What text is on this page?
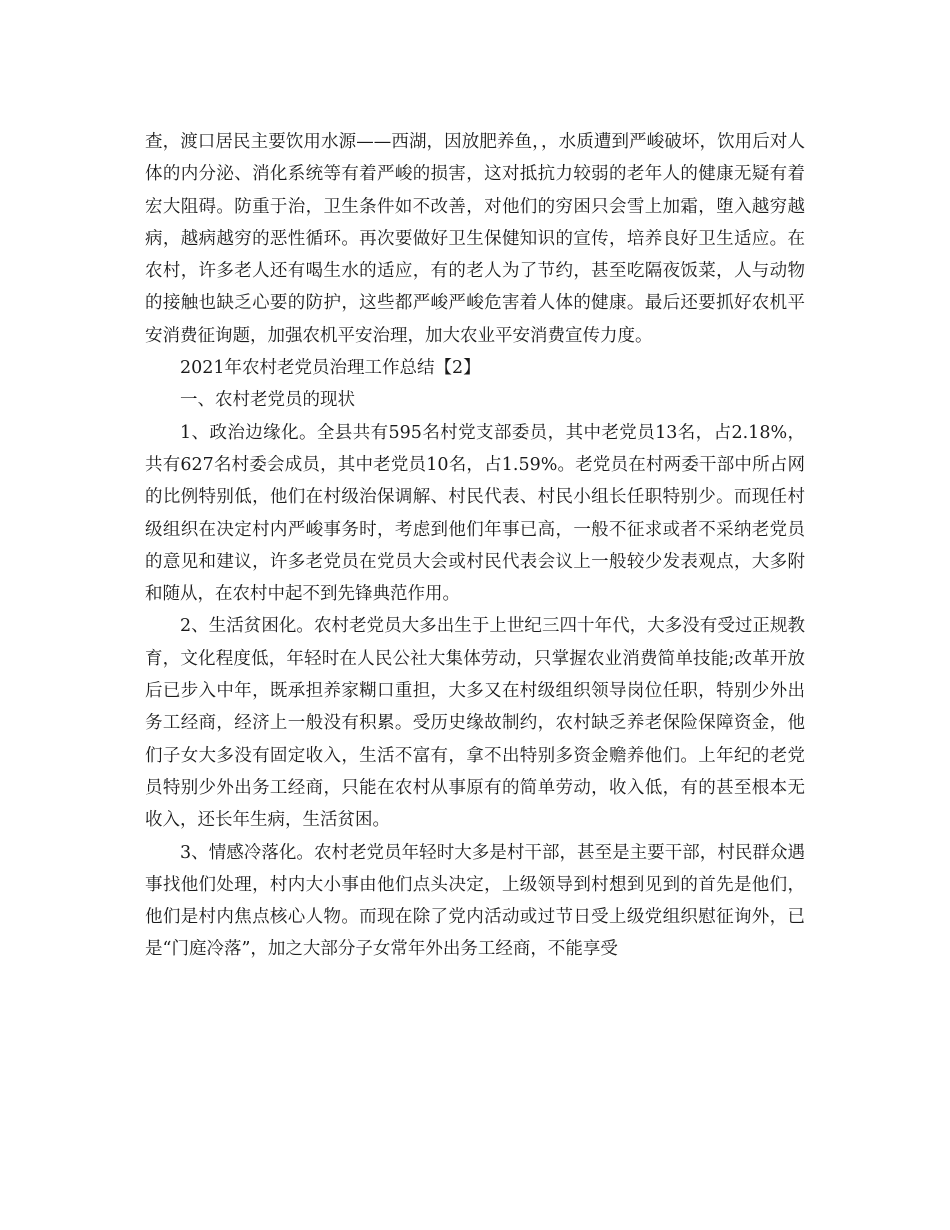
查，渡口居民主要饮用水源——西湖，因放肥养鱼，，水质遭到严峻破坏，饮用后对人体的内分泌、消化系统等有着严峻的损害，这对抵抗力较弱的老年人的健康无疑有着宏大阻碍。防重于治，卫生条件如不改善，对他们的穷困只会雪上加霜，堕入越穷越病，越病越穷的恶性循环。再次要做好卫生保健知识的宣传，培养良好卫生适应。在农村，许多老人还有喝生水的适应，有的老人为了节约，甚至吃隔夜饭菜，人与动物的接触也缺乏心要的防护，这些都严峻严峻危害着人体的健康。最后还要抓好农机平安消费征询题，加强农机平安治理，加大农业平安消费宣传力度。

2021年农村老党员治理工作总结【2】

一、农村老党员的现状

1、政治边缘化。全县共有595名村党支部委员，其中老党员13名，占2.18%，共有627名村委会成员，其中老党员10名，占1.59%。老党员在村两委干部中所占网的比例特别低，他们在村级治保调解、村民代表、村民小组长任职特别少。而现任村级组织在决定村内严峻事务时，考虑到他们年事已高，一般不征求或者不采纳老党员的意见和建议，许多老党员在党员大会或村民代表会议上一般较少发表观点，大多附和随从，在农村中起不到先锋典范作用。

2、生活贫困化。农村老党员大多出生于上世纪三四十年代，大多没有受过正规教育，文化程度低，年轻时在人民公社大集体劳动，只掌握农业消费简单技能;改革开放后已步入中年，既承担养家糊口重担，大多又在村级组织领导岗位任职，特别少外出务工经商，经济上一般没有积累。受历史缘故制约，农村缺乏养老保险保障资金，他们子女大多没有固定收入，生活不富有，拿不出特别多资金赡养他们。上年纪的老党员特别少外出务工经商，只能在农村从事原有的简单劳动，收入低，有的甚至根本无收入，还长年生病，生活贫困。

3、情感冷落化。农村老党员年轻时大多是村干部，甚至是主要干部，村民群众遇事找他们处理，村内大小事由他们点头决定，上级领导到村想到见到的首先是他们，他们是村内焦点核心人物。而现在除了党内活动或过节日受上级党组织慰征询外，已是“门庭冷落”，加之大部分子女常年外出务工经商，不能享受
